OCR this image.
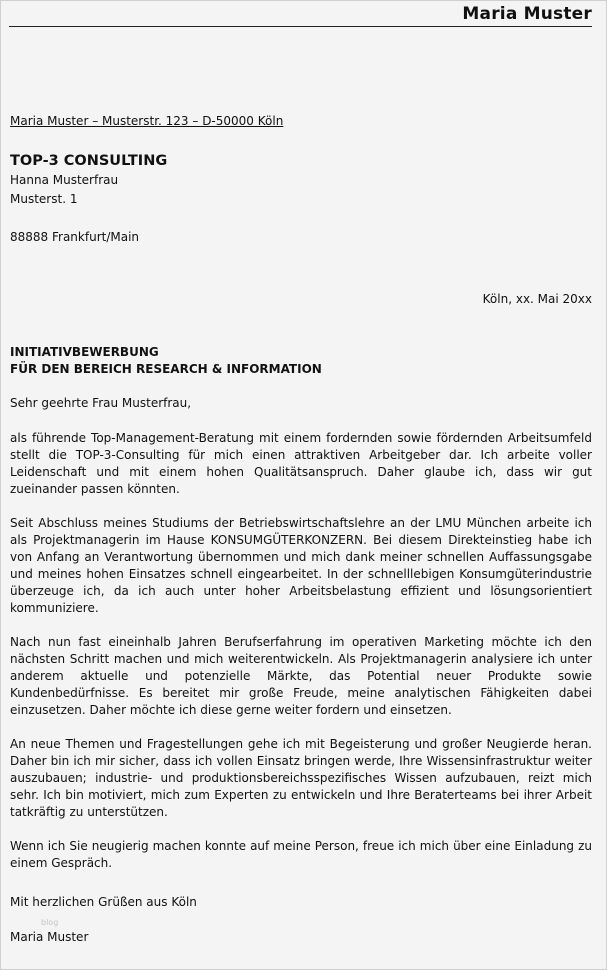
Maria Muster
Maria Muster – Musterstr. 123 – D-50000 Köln
TOP-3 CONSULTING
Hanna Musterfrau
Musterst. 1
88888 Frankfurt/Main
Köln, xx. Mai 20xx
INITIATIVBEWERBUNG
FÜR DEN BEREICH RESEARCH & INFORMATION
Sehr geehrte Frau Musterfrau,

als führende Top-Management-Beratung mit einem fordernden sowie fördernden Arbeitsumfeld stellt die TOP-3-Consulting für mich einen attraktiven Arbeitgeber dar. Ich arbeite voller Leidenschaft und mit einem hohen Qualitätsanspruch. Daher glaube ich, dass wir gut zueinander passen könnten.

Seit Abschluss meines Studiums der Betriebswirtschaftslehre an der LMU München arbeite ich als Projektmanagerin im Hause KONSUMGÜTERKONZERN. Bei diesem Direkteinstieg habe ich von Anfang an Verantwortung übernommen und mich dank meiner schnellen Auffassungsgabe und meines hohen Einsatzes schnell eingearbeitet. In der schnelllebigen Konsumgüterindustrie überzeuge ich, da ich auch unter hoher Arbeitsbelastung effizient und lösungsorientiert kommuniziere.

Nach nun fast eineinhalb Jahren Berufserfahrung im operativen Marketing möchte ich den nächsten Schritt machen und mich weiterentwickeln. Als Projektmanagerin analysiere ich unter anderem aktuelle und potenzielle Märkte, das Potential neuer Produkte sowie Kundenbedürfnisse. Es bereitet mir große Freude, meine analytischen Fähigkeiten dabei einzusetzen. Daher möchte ich diese gerne weiter fordern und einsetzen.

An neue Themen und Fragestellungen gehe ich mit Begeisterung und großer Neugierde heran. Daher bin ich mir sicher, dass ich vollen Einsatz bringen werde, Ihre Wissensinfrastruktur weiter auszubauen; industrie- und produktionsbereichsspezifisches Wissen aufzubauen, reizt mich sehr. Ich bin motiviert, mich zum Experten zu entwickeln und Ihre Beraterteams bei ihrer Arbeit tatkräftig zu unterstützen.

Wenn ich Sie neugierig machen konnte auf meine Person, freue ich mich über eine Einladung zu einem Gespräch.

Mit herzlichen Grüßen aus Köln
blog
Maria Muster
